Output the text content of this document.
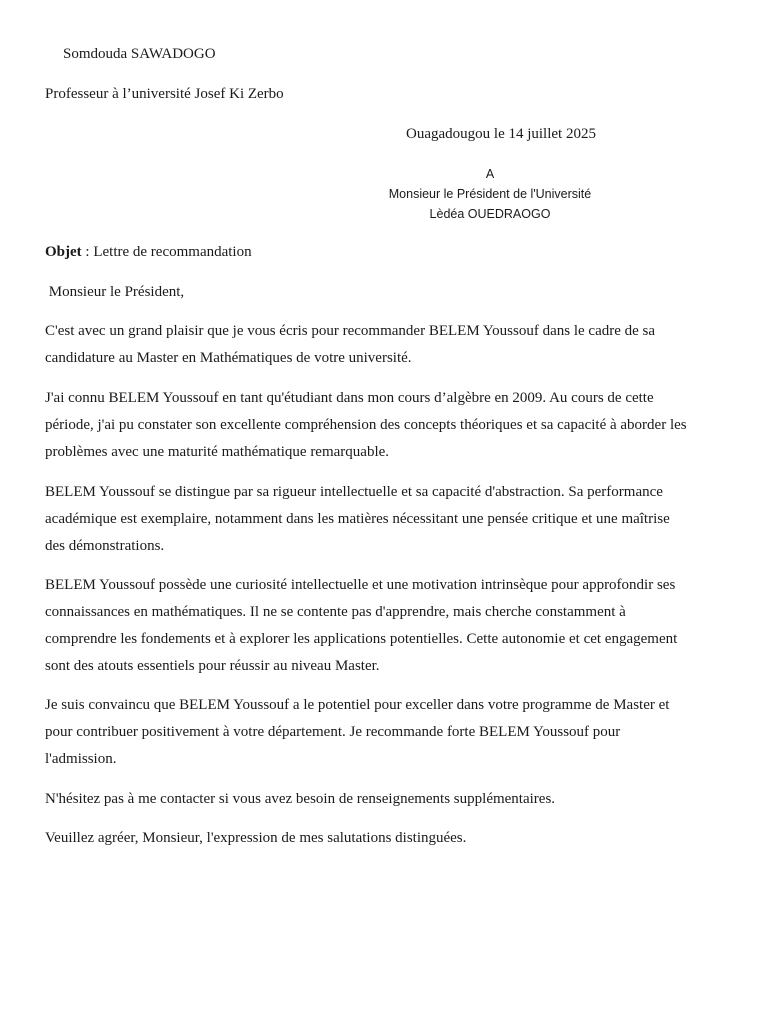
Somdouda SAWADOGO
Professeur à l’université Josef Ki Zerbo
Ouagadougou le 14 juillet 2025
A
Monsieur le Président de l'Université
Lèdéa OUEDRAOGO
Objet : Lettre de recommandation
Monsieur le Président,
C'est avec un grand plaisir que je vous écris pour recommander BELEM Youssouf dans le cadre de sa
candidature au Master en Mathématiques de votre université.
J'ai connu BELEM Youssouf en tant qu'étudiant dans mon cours d’algèbre en 2009. Au cours de cette
période, j'ai pu constater son excellente compréhension des concepts théoriques et sa capacité à aborder les
problèmes avec une maturité mathématique remarquable.
BELEM Youssouf se distingue par sa rigueur intellectuelle et sa capacité d'abstraction. Sa performance
académique est exemplaire, notamment dans les matières nécessitant une pensée critique et une maîtrise
des démonstrations.
BELEM Youssouf possède une curiosité intellectuelle et une motivation intrinsèque pour approfondir ses
connaissances en mathématiques. Il ne se contente pas d'apprendre, mais cherche constamment à
comprendre les fondements et à explorer les applications potentielles. Cette autonomie et cet engagement
sont des atouts essentiels pour réussir au niveau Master.
Je suis convaincu que BELEM Youssouf a le potentiel pour exceller dans votre programme de Master et
pour contribuer positivement à votre département. Je recommande forte BELEM Youssouf pour
l'admission.
N'hésitez pas à me contacter si vous avez besoin de renseignements supplémentaires.
Veuillez agréer, Monsieur, l'expression de mes salutations distinguées.
